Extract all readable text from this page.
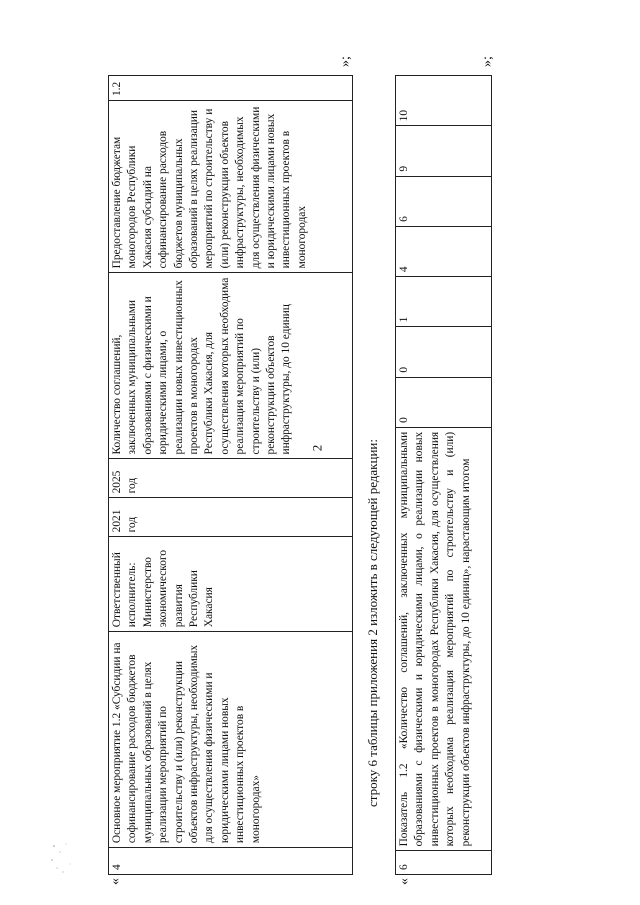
2
«
»;
4	Основное мероприятие 1.2 «Субсидии на софинансирование расходов бюджетов муниципальных образований в целях реализации мероприятий по строительству и (или) реконструкции объектов инфраструктуры, необходимых для осуществления физическими и юридическими лицами новых инвестиционных проектов в моногородах»	Ответственный исполнитель: Министерство экономического развития Республики Хакасия	2021 год	2025 год	Количество соглашений, заключенных муниципальными образованиями с физическими и юридическими лицами, о реализации новых инвестиционных проектов в моногородах Республики Хакасия, для осуществления которых необходима реализация мероприятий по строительству и (или) реконструкции объектов инфраструктуры, до 10 единиц	Предоставление бюджетам моногородов Республики Хакасия субсидий на софинансирование расходов бюджетов муниципальных образований в целях реализации мероприятий по строительству и (или) реконструкции объектов инфраструктуры, необходимых для осуществления физическими и юридическими лицами новых инвестиционных проектов в моногородах	1.2
строку 6 таблицы приложения 2 изложить в следующей редакции:
«
»;
6	Показатель 1.2 «Количество соглашений, заключенных муниципальными образованиями с физическими и юридическими лицами, о реализации новых инвестиционных проектов в моногородах Республики Хакасия, для осуществления которых необходима реализация мероприятий по строительству и (или) реконструкции объектов инфраструктуры, до 10 единиц», нарастающим итогом	0	0	1	4	6	9	10
